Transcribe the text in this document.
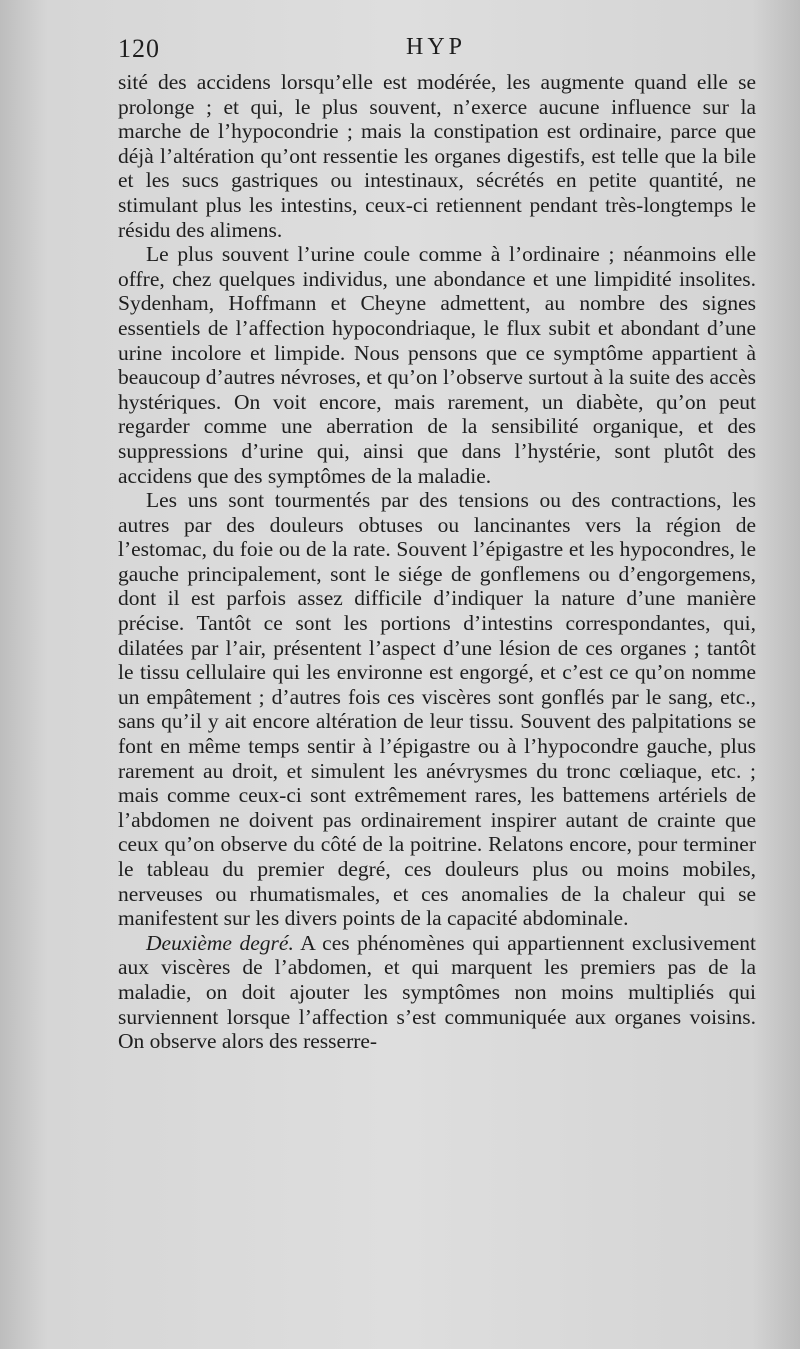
120	HYP

sité des accidens lorsqu’elle est modérée, les augmente quand elle se prolonge ; et qui, le plus souvent, n’exerce aucune influence sur la marche de l’hypocondrie ; mais la constipation est ordinaire, parce que déjà l’altération qu’ont ressentie les organes digestifs, est telle que la bile et les sucs gastriques ou intestinaux, sécrétés en petite quantité, ne stimulant plus les intestins, ceux-ci retiennent pendant très-longtemps le résidu des alimens.

Le plus souvent l’urine coule comme à l’ordinaire ; néanmoins elle offre, chez quelques individus, une abondance et une limpidité insolites. Sydenham, Hoffmann et Cheyne admettent, au nombre des signes essentiels de l’affection hypocondriaque, le flux subit et abondant d’une urine incolore et limpide. Nous pensons que ce symptôme appartient à beaucoup d’autres névroses, et qu’on l’observe surtout à la suite des accès hystériques. On voit encore, mais rarement, un diabète, qu’on peut regarder comme une aberration de la sensibilité organique, et des suppressions d’urine qui, ainsi que dans l’hystérie, sont plutôt des accidens que des symptômes de la maladie.

Les uns sont tourmentés par des tensions ou des contractions, les autres par des douleurs obtuses ou lancinantes vers la région de l’estomac, du foie ou de la rate. Souvent l’épigastre et les hypocondres, le gauche principalement, sont le siége de gonflemens ou d’engorgemens, dont il est parfois assez difficile d’indiquer la nature d’une manière précise. Tantôt ce sont les portions d’intestins correspondantes, qui, dilatées par l’air, présentent l’aspect d’une lésion de ces organes ; tantôt le tissu cellulaire qui les environne est engorgé, et c’est ce qu’on nomme un empâtement ; d’autres fois ces viscères sont gonflés par le sang, etc., sans qu’il y ait encore altération de leur tissu. Souvent des palpitations se font en même temps sentir à l’épigastre ou à l’hypocondre gauche, plus rarement au droit, et simulent les anévrysmes du tronc cœliaque, etc. ; mais comme ceux-ci sont extrêmement rares, les battemens artériels de l’abdomen ne doivent pas ordinairement inspirer autant de crainte que ceux qu’on observe du côté de la poitrine. Relatons encore, pour terminer le tableau du premier degré, ces douleurs plus ou moins mobiles, nerveuses ou rhumatismales, et ces anomalies de la chaleur qui se manifestent sur les divers points de la capacité abdominale.

Deuxième degré. A ces phénomènes qui appartiennent exclusivement aux viscères de l’abdomen, et qui marquent les premiers pas de la maladie, on doit ajouter les symptômes non moins multipliés qui surviennent lorsque l’affection s’est communiquée aux organes voisins. On observe alors des resserre-
